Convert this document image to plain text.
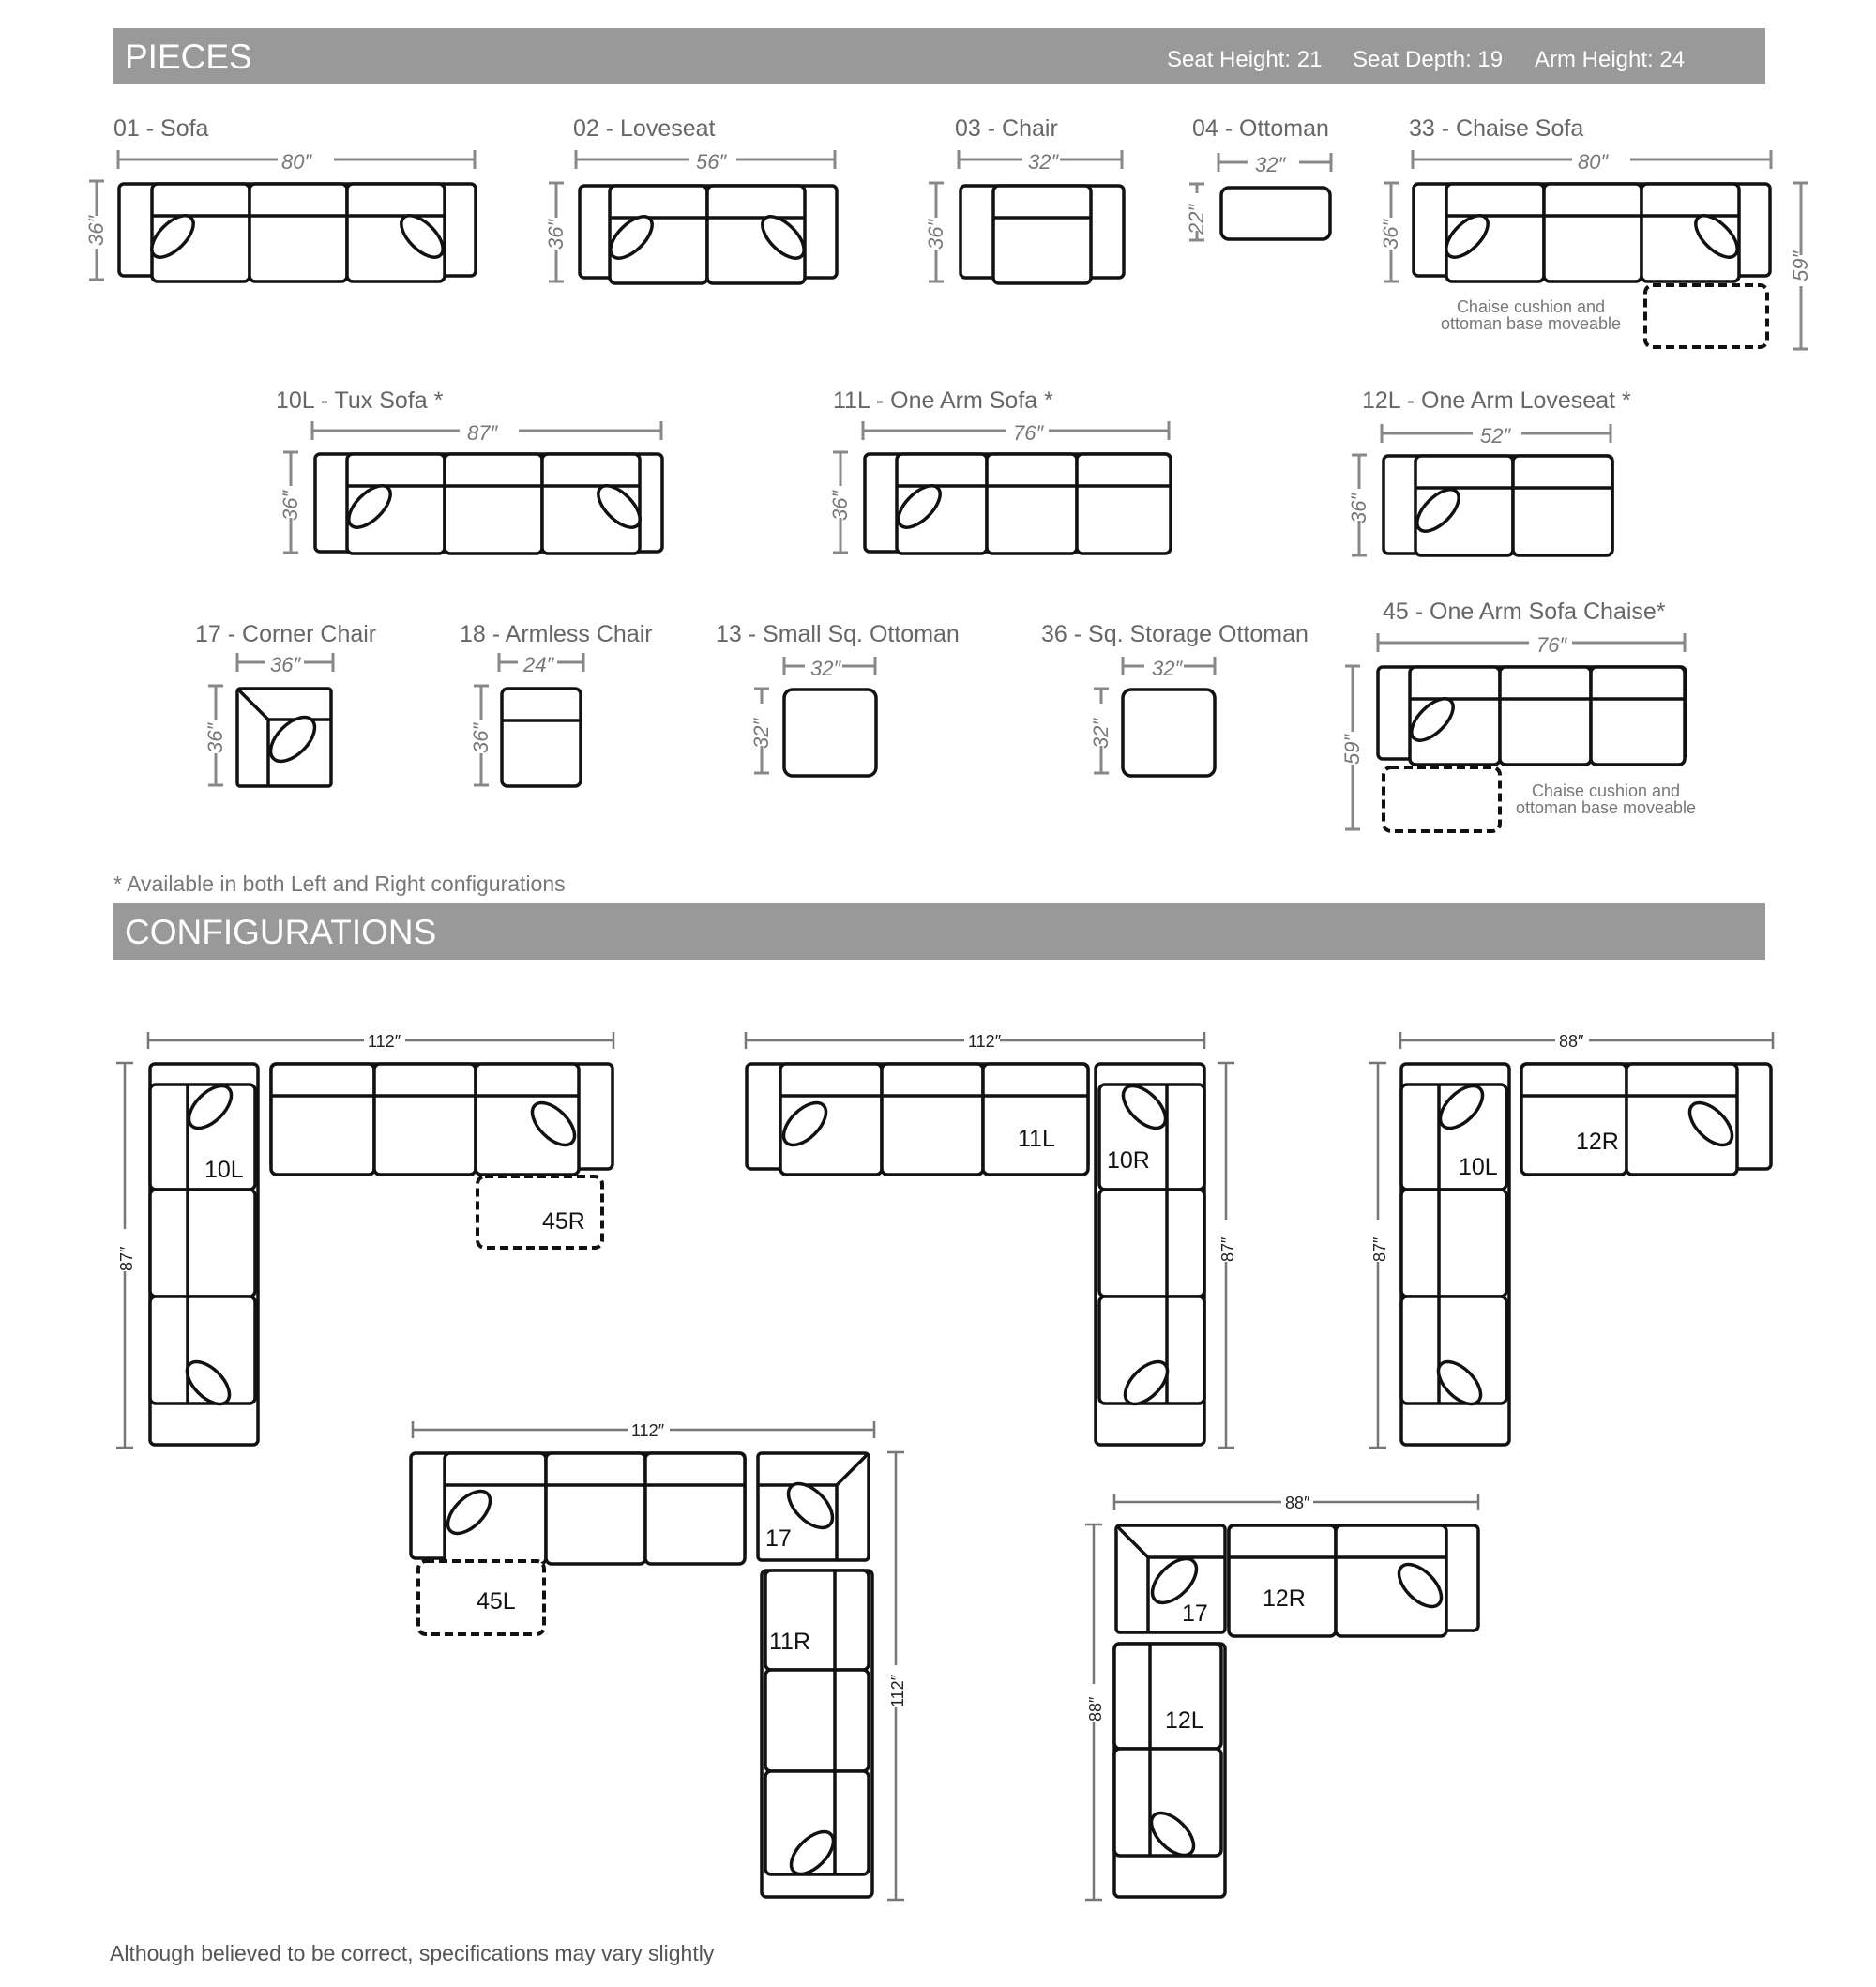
PIECES	Seat Height: 21 Seat Depth: 19 Arm Height: 24
01 - Sofa
80″
36″
02 - Loveseat
56″
36″
03 - Chair
32″
36″
04 - Ottoman
32″
22″
33 - Chaise Sofa
80″
36″
59″
Chaise cushion and
ottoman base moveable
10L - Tux Sofa *
87″
36″
11L - One Arm Sofa *
76″
36″
12L - One Arm Loveseat *
52″
36″
17 - Corner Chair
36″
36″
18 - Armless Chair
24″
36″
13 - Small Sq. Ottoman
32″
32″
36 - Sq. Storage Ottoman
32″
32″
45 - One Arm Sofa Chaise*
76″
59″
Chaise cushion and
ottoman base moveable
* Available in both Left and Right configurations
CONFIGURATIONS
112″
87″
10L
45R
112″
87″
11L
10R
88″
87″
10L
12R
112″
112″
45L
17
11R
88″
88″
17
12R
12L
Although believed to be correct, specifications may vary slightly
